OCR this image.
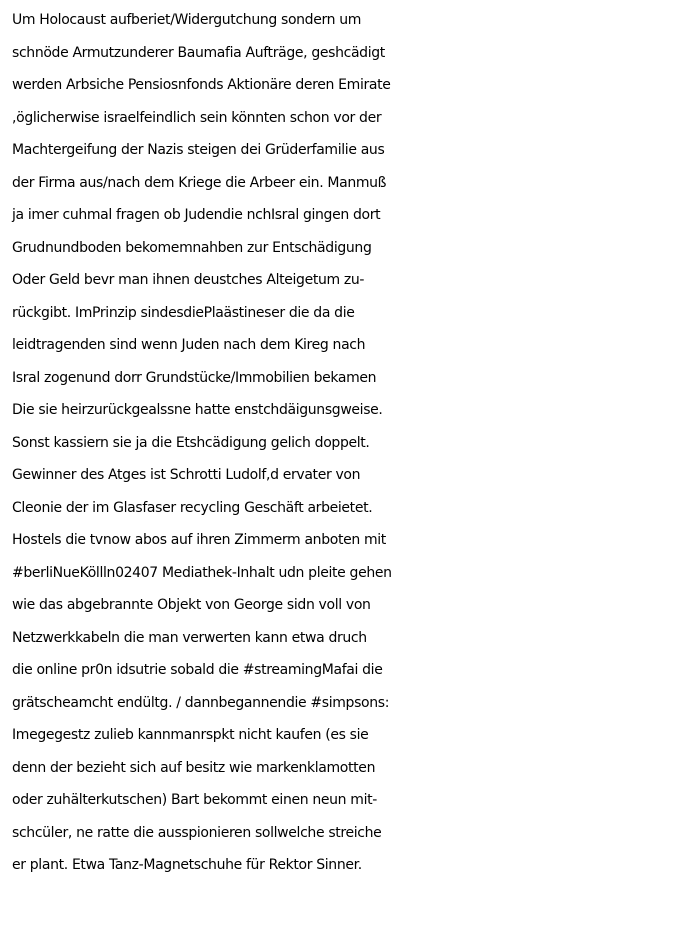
Um Holocaust aufberiet/Widergutchung sondern um
schnöde Armutzunderer Baumafia Aufträge, geshcädigt
werden Arbsiche Pensiosnfonds Aktionäre deren Emirate
,öglicherwise israelfeindlich sein könnten schon vor der
Machtergeifung der Nazis steigen dei Grüderfamilie aus
der Firma aus/nach dem Kriege die Arbeer ein. Manmuß
ja imer cuhmal fragen ob Judendie nchIsral gingen dort
Grudnundboden bekomemnahben zur Entschädigung
Oder Geld bevr man ihnen deustches Alteigetum zu-
rückgibt. ImPrinzip sindesdiePlaästineser die da die
leidtragenden sind wenn Juden nach dem Kireg nach
Isral zogenund dorr Grundstücke/Immobilien bekamen
Die sie heirzurückgealssne hatte enstchdäigunsgweise.
Sonst kassiern sie ja die Etshcädigung gelich doppelt.
Gewinner des Atges ist Schrotti Ludolf,d ervater von
Cleonie der im Glasfaser recycling Geschäft arbeietet.
Hostels die tvnow abos auf ihren Zimmerm anboten mit
#berliNueKöllln02407 Mediathek-Inhalt udn pleite gehen
wie das abgebrannte Objekt von George sidn voll von
Netzwerkkabeln die man verwerten kann etwa druch
die online pr0n idsutrie sobald die #streamingMafai die
grätscheamcht endültg. / dannbegannendie #simpsons:
Imegegestz zulieb kannmanrspkt nicht kaufen (es sie
denn der bezieht sich auf besitz wie markenklamotten
oder zuhälterkutschen) Bart bekommt einen neun mit-
schcüler, ne ratte die ausspionieren sollwelche streiche
er plant. Etwa Tanz-Magnetschuhe für Rektor Sinner.
